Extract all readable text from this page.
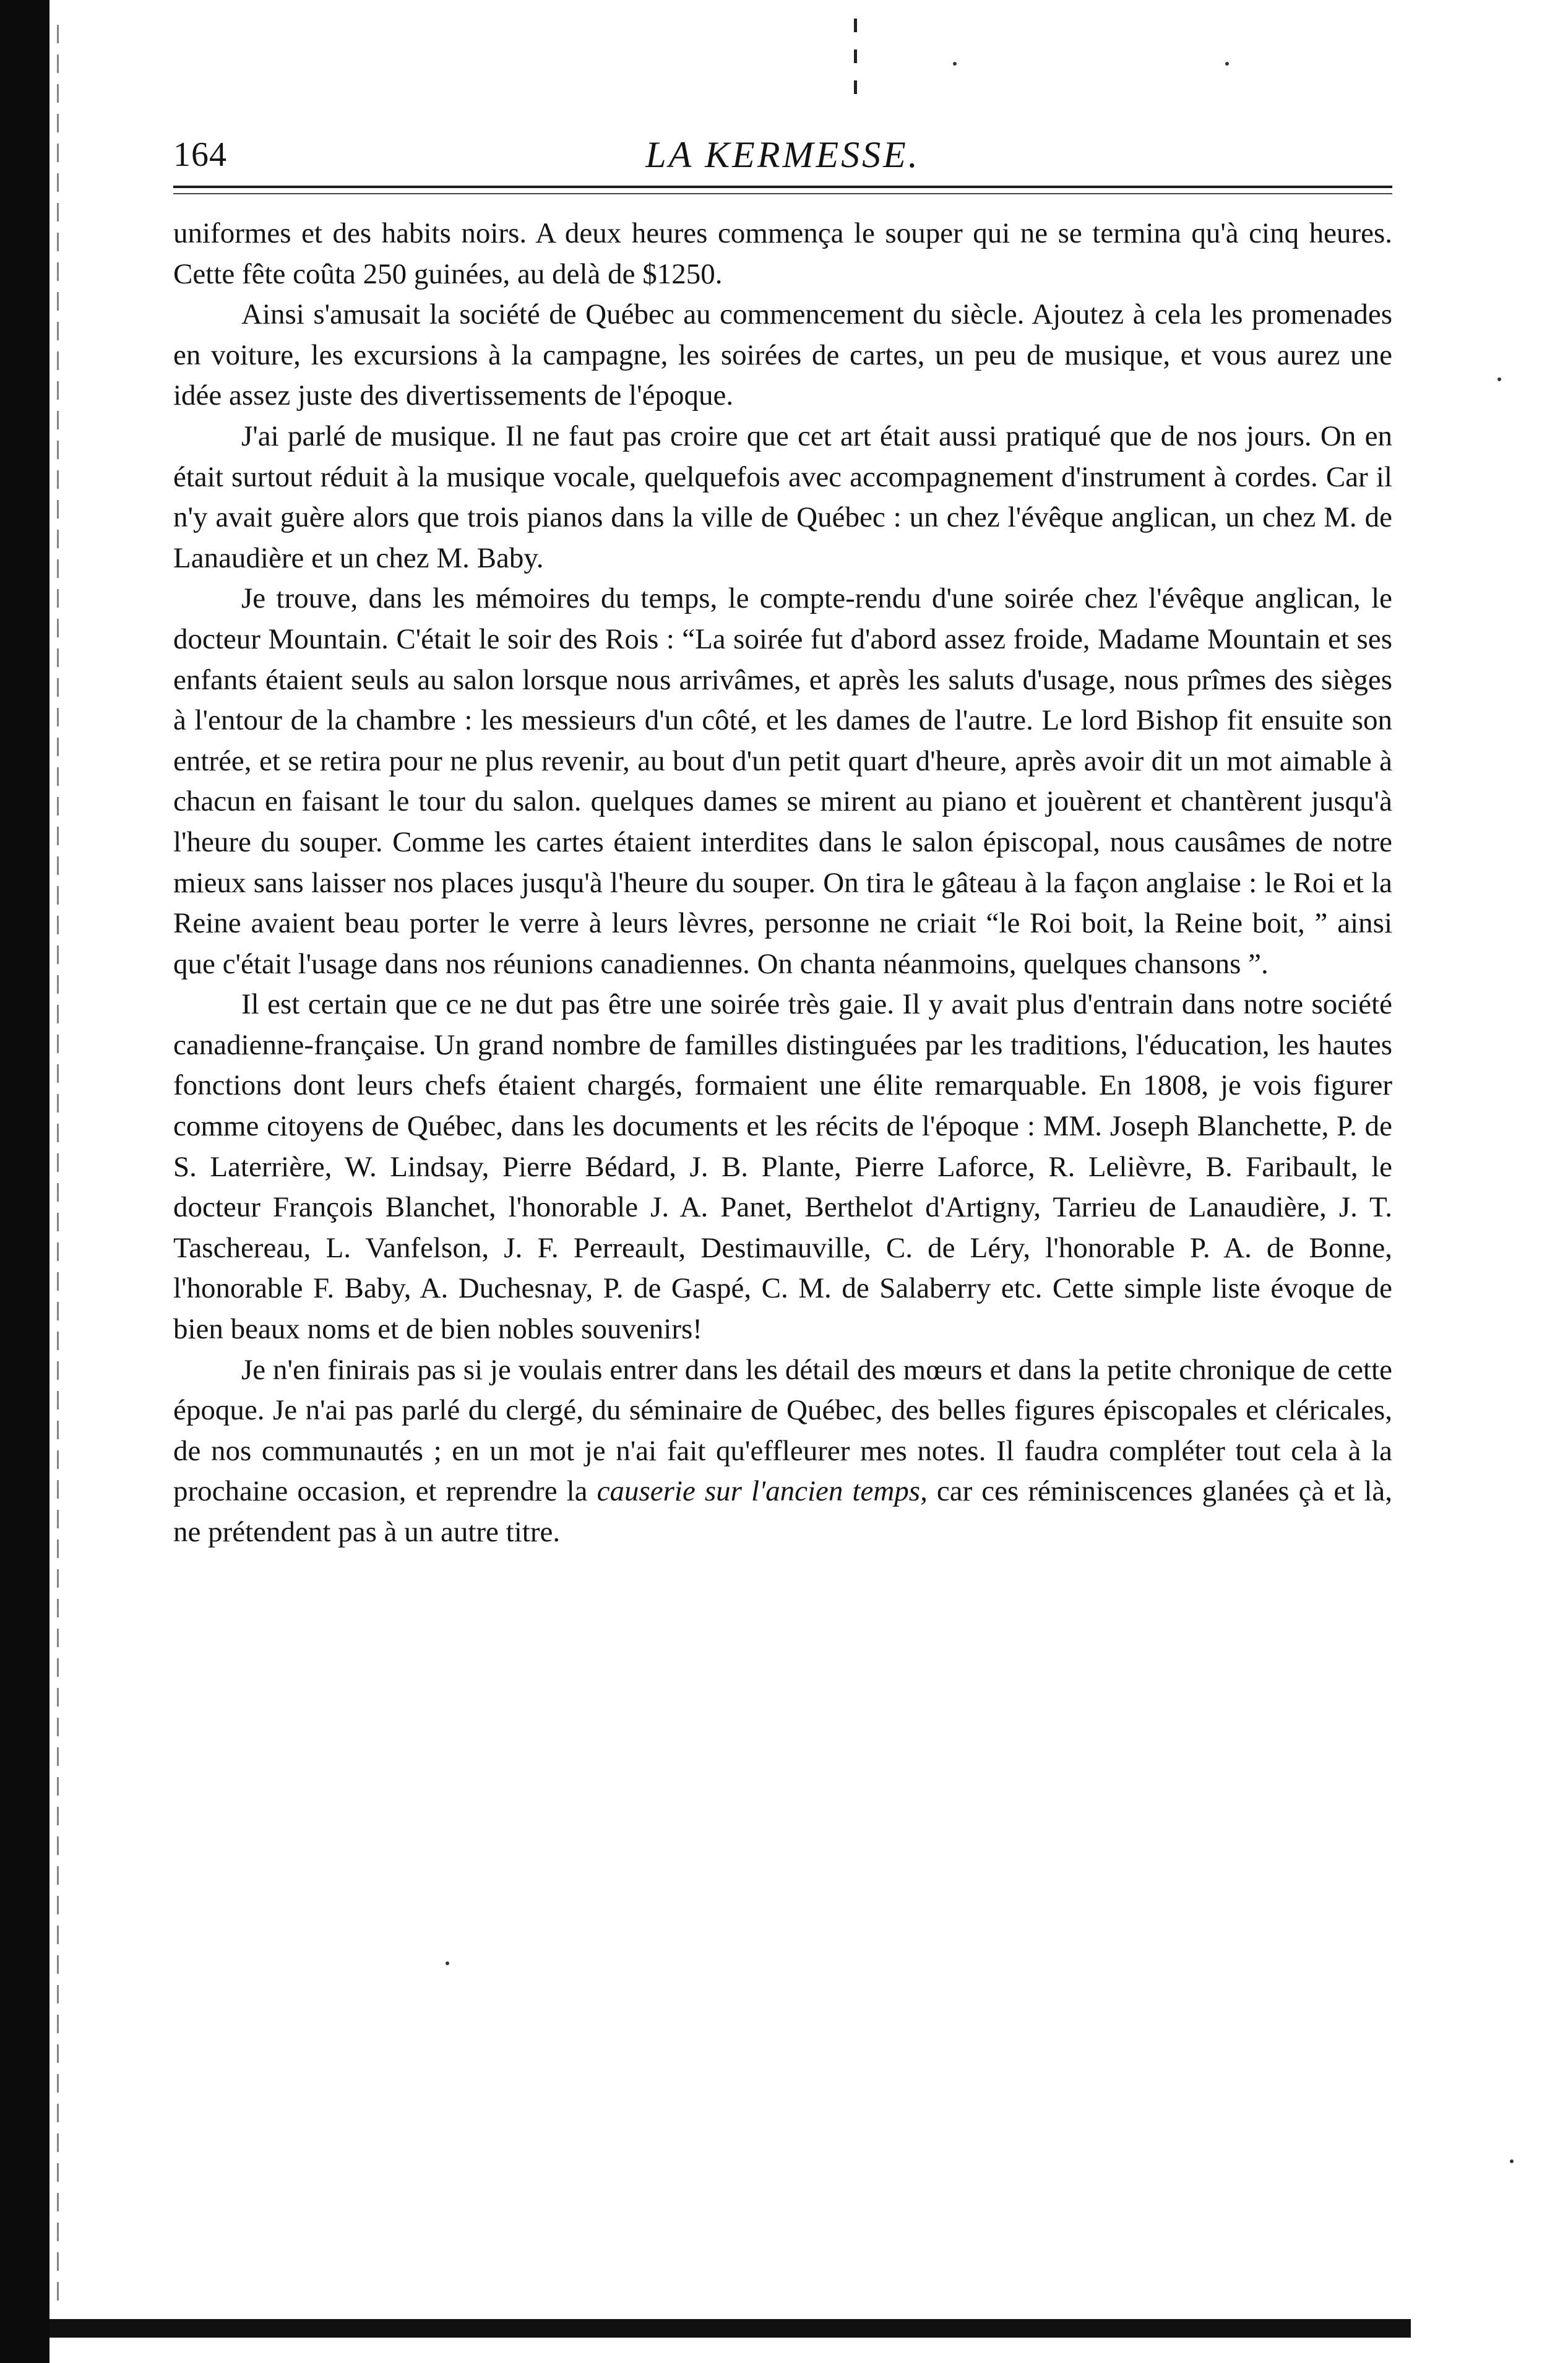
164	LA KERMESSE.

uniformes et des habits noirs. A deux heures commença le souper qui ne se termina qu'à cinq heures. Cette fête coûta 250 guinées, au delà de $1250.

Ainsi s'amusait la société de Québec au commencement du siècle. Ajoutez à cela les promenades en voiture, les excursions à la campagne, les soirées de cartes, un peu de musique, et vous aurez une idée assez juste des divertissements de l'époque.

J'ai parlé de musique. Il ne faut pas croire que cet art était aussi pratiqué que de nos jours. On en était surtout réduit à la musique vocale, quelquefois avec accompagnement d'instrument à cordes. Car il n'y avait guère alors que trois pianos dans la ville de Québec : un chez l'évêque anglican, un chez M. de Lanaudière et un chez M. Baby.

Je trouve, dans les mémoires du temps, le compte-rendu d'une soirée chez l'évêque anglican, le docteur Mountain. C'était le soir des Rois : “La soirée fut d'abord assez froide, Madame Mountain et ses enfants étaient seuls au salon lorsque nous arrivâmes, et après les saluts d'usage, nous prîmes des sièges à l'entour de la chambre : les messieurs d'un côté, et les dames de l'autre. Le lord Bishop fit ensuite son entrée, et se retira pour ne plus revenir, au bout d'un petit quart d'heure, après avoir dit un mot aimable à chacun en faisant le tour du salon. quelques dames se mirent au piano et jouèrent et chantèrent jusqu'à l'heure du souper. Comme les cartes étaient interdites dans le salon épiscopal, nous causâmes de notre mieux sans laisser nos places jusqu'à l'heure du souper. On tira le gâteau à la façon anglaise : le Roi et la Reine avaient beau porter le verre à leurs lèvres, personne ne criait “le Roi boit, la Reine boit, ” ainsi que c'était l'usage dans nos réunions canadiennes. On chanta néanmoins, quelques chansons ”.

Il est certain que ce ne dut pas être une soirée très gaie. Il y avait plus d'entrain dans notre société canadienne-française. Un grand nombre de familles distinguées par les traditions, l'éducation, les hautes fonctions dont leurs chefs étaient chargés, formaient une élite remarquable. En 1808, je vois figurer comme citoyens de Québec, dans les documents et les récits de l'époque : MM. Joseph Blanchette, P. de S. Laterrière, W. Lindsay, Pierre Bédard, J. B. Plante, Pierre Laforce, R. Lelièvre, B. Faribault, le docteur François Blanchet, l'honorable J. A. Panet, Berthelot d'Artigny, Tarrieu de Lanaudière, J. T. Taschereau, L. Vanfelson, J. F. Perreault, Destimauville, C. de Léry, l'honorable P. A. de Bonne, l'honorable F. Baby, A. Duchesnay, P. de Gaspé, C. M. de Salaberry etc. Cette simple liste évoque de bien beaux noms et de bien nobles souvenirs!

Je n'en finirais pas si je voulais entrer dans les détail des mœurs et dans la petite chronique de cette époque. Je n'ai pas parlé du clergé, du séminaire de Québec, des belles figures épiscopales et cléricales, de nos communautés ; en un mot je n'ai fait qu'effleurer mes notes. Il faudra compléter tout cela à la prochaine occasion, et reprendre la causerie sur l'ancien temps, car ces réminiscences glanées çà et là, ne prétendent pas à un autre titre.
